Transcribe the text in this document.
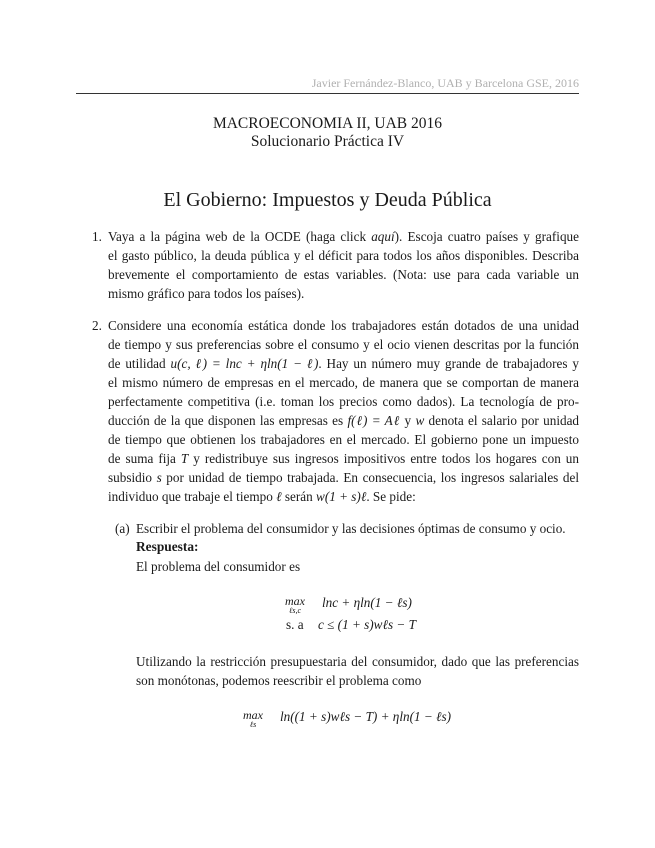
Javier Fernández-Blanco, UAB y Barcelona GSE, 2016
MACROECONOMIA II, UAB 2016
Solucionario Práctica IV
El Gobierno: Impuestos y Deuda Pública
1. Vaya a la página web de la OCDE (haga click aquí). Escoja cuatro países y grafique
el gasto público, la deuda pública y el déficit para todos los años disponibles. Describa
brevemente el comportamiento de estas variables. (Nota: use para cada variable un
mismo gráfico para todos los países).
2. Considere una economía estática donde los trabajadores están dotados de una unidad
de tiempo y sus preferencias sobre el consumo y el ocio vienen descritas por la función
de utilidad u(c, ℓ) = lnc + ηln(1 − ℓ). Hay un número muy grande de trabajadores y
el mismo número de empresas en el mercado, de manera que se comportan de manera
perfectamente competitiva (i.e. toman los precios como dados). La tecnología de pro-
ducción de la que disponen las empresas es f(ℓ) = Aℓ y w denota el salario por unidad
de tiempo que obtienen los trabajadores en el mercado. El gobierno pone un impuesto
de suma fija T y redistribuye sus ingresos impositivos entre todos los hogares con un
subsidio s por unidad de tiempo trabajada. En consecuencia, los ingresos salariales del
individuo que trabaje el tiempo ℓ serán w(1 + s)ℓ. Se pide:
(a) Escribir el problema del consumidor y las decisiones óptimas de consumo y ocio.
Respuesta:
El problema del consumidor es
max
ℓs,c
lnc + ηln(1 − ℓs)
s. a c ≤ (1 + s)wℓs − T
Utilizando la restricción presupuestaria del consumidor, dado que las preferencias
son monótonas, podemos reescribir el problema como
max
ℓs
ln((1 + s)wℓs − T) + ηln(1 − ℓs)
